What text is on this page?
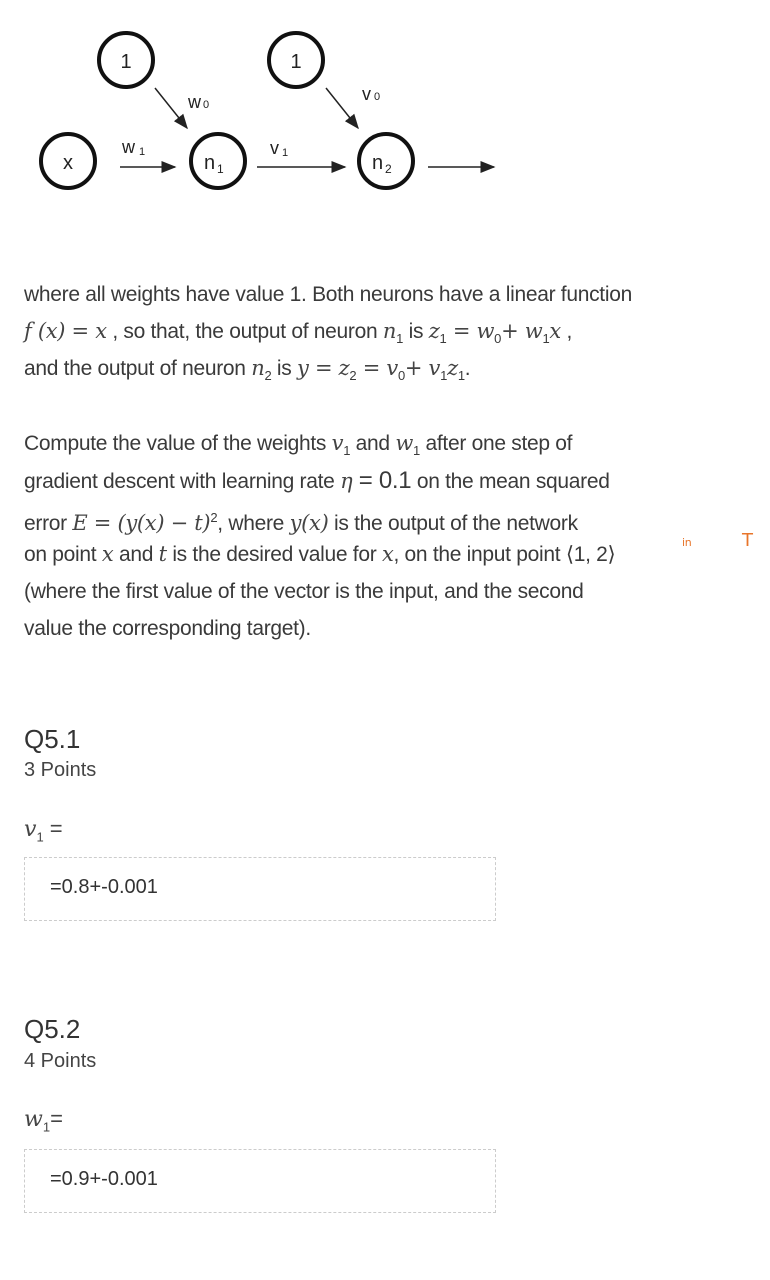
x
1
n 1
1
n 2
w 0
w 1
v 0
v 1
where all weights have value 1. Both neurons have a linear function
f (x) = x , so that, the output of neuron $n_1$ is $z_1 = w_0+ w_1x$ ,
and the output of neuron $n_2$ is $y = z_2 = v_0+ v_1z_1$.
Compute the value of the weights $v_1$ and $w_1$ after one step of
gradient descent with learning rate η = 0.1 on the mean squared
error $E = (y(x) - t)^2$, where y(x) is the output of the network
on point x and t is the desired value for x, on the input point ⟨1, 2⟩
in	T
(where the first value of the vector is the input, and the second
value the corresponding target).
Q5.1
3 Points
$v_1$ =
=0.8+-0.001
Q5.2
4 Points
$w_1=$
=0.9+-0.001
